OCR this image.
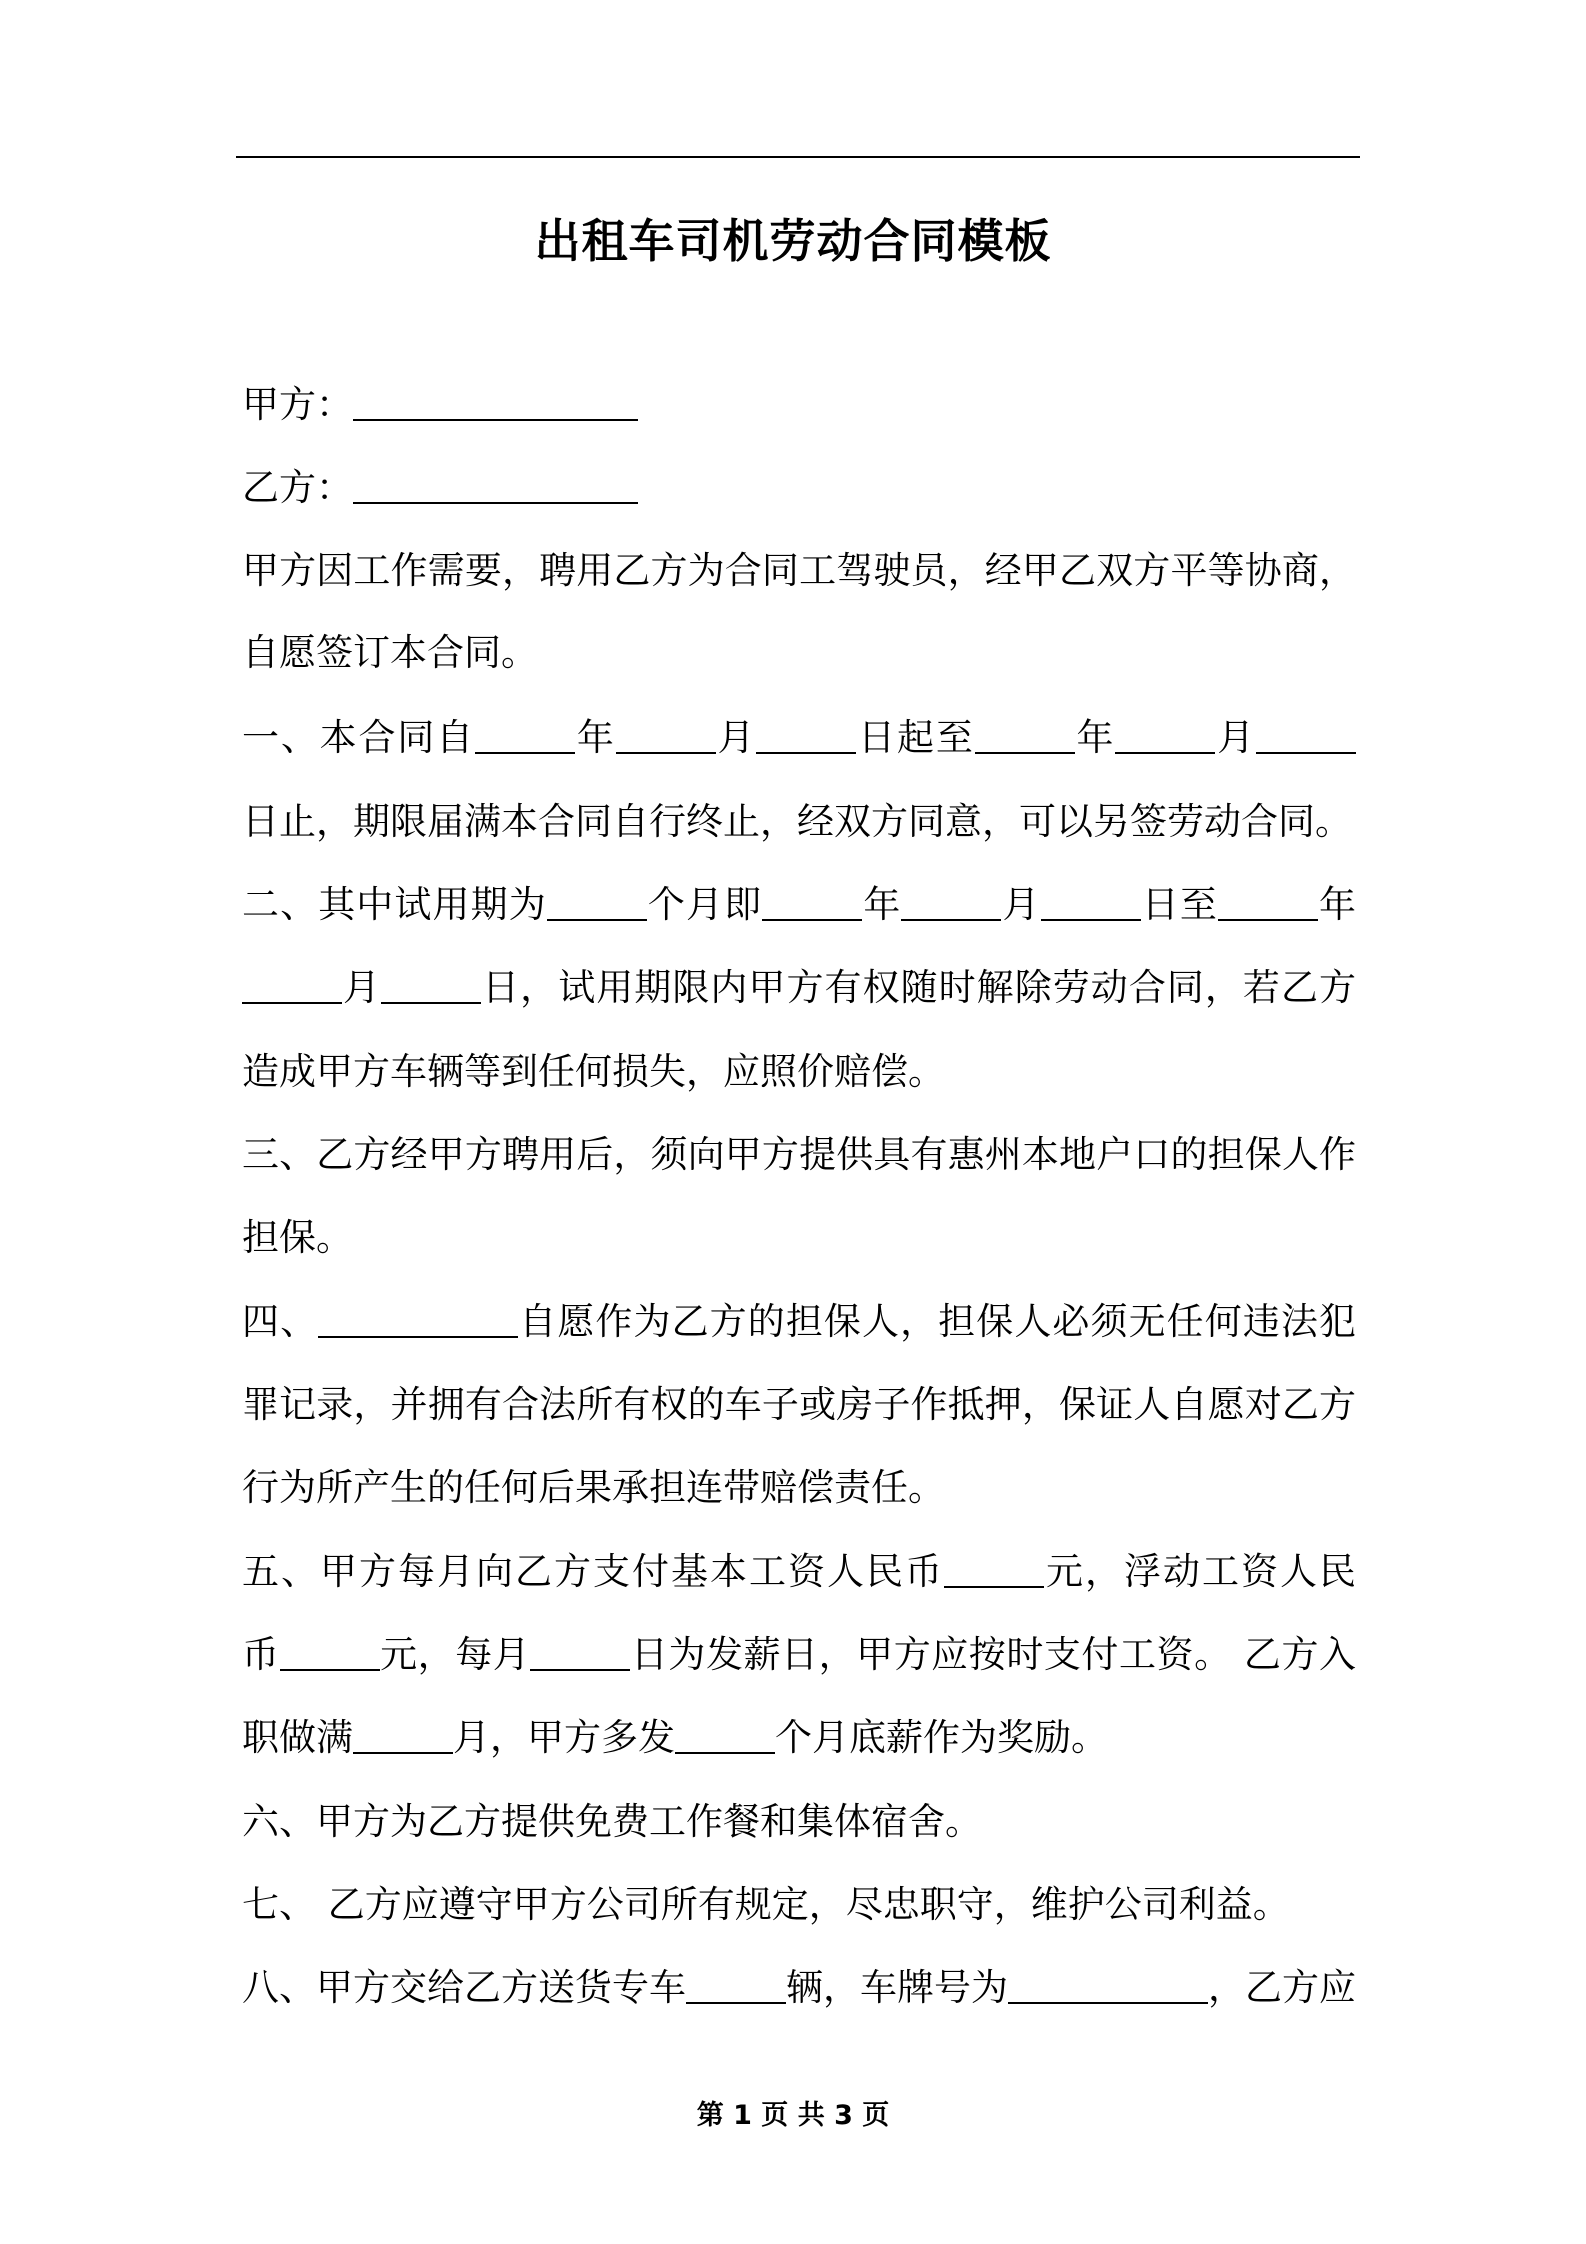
出租车司机劳动合同模板
甲方：
乙方：
甲方因工作需要，聘用乙方为合同工驾驶员，经甲乙双方平等协商，
自愿签订本合同。
一、本合同自	年	月	日起至	年	月
日止，期限届满本合同自行终止，经双方同意，可以另签劳动合同。
二、其中试用期为	个月即	年	月	日至	年
月	日，试用期限内甲方有权随时解除劳动合同，若乙方
造成甲方车辆等到任何损失，应照价赔偿。
三、乙方经甲方聘用后，须向甲方提供具有惠州本地户口的担保人作
担保。
四、	自愿作为乙方的担保人，担保人必须无任何违法犯
罪记录，并拥有合法所有权的车子或房子作抵押，保证人自愿对乙方
行为所产生的任何后果承担连带赔偿责任。
五、甲方每月向乙方支付基本工资人民币	元，浮动工资人民
币	元，每月	日为发薪日，甲方应按时支付工资。 乙方入
职做满	月，甲方多发	个月底薪作为奖励。
六、甲方为乙方提供免费工作餐和集体宿舍。
七、 乙方应遵守甲方公司所有规定，尽忠职守，维护公司利益。
八、甲方交给乙方送货专车	辆，车牌号为	，乙方应
第 1 页 共 3 页
